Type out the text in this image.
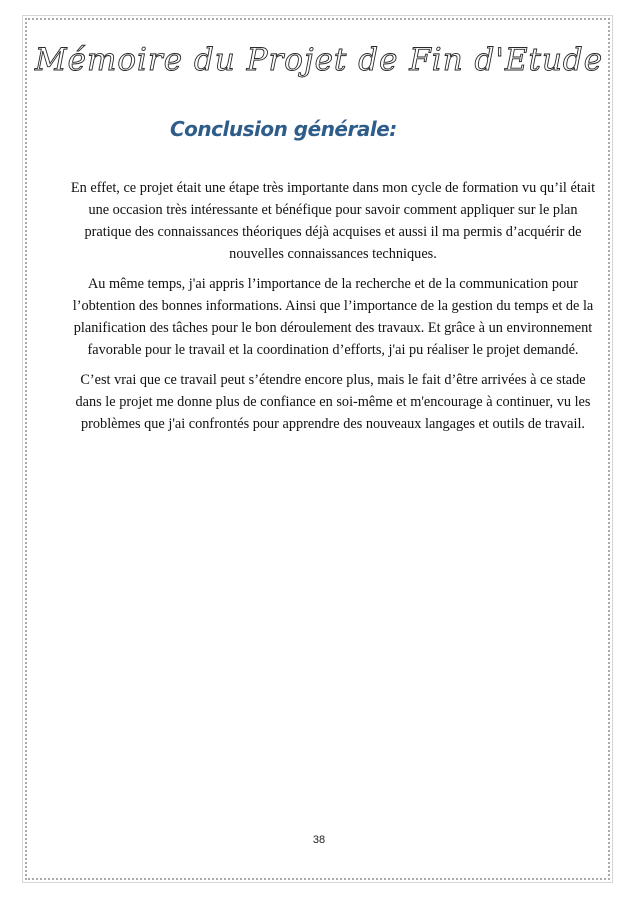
Mémoire du Projet de Fin d'Etude
Conclusion générale:

En effet, ce projet était une étape très importante dans mon cycle de formation vu qu’il était une occasion très intéressante et bénéfique pour savoir comment appliquer sur le plan pratique des connaissances théoriques déjà acquises et aussi il ma permis d’acquérir de nouvelles connaissances techniques.

Au même temps, j'ai appris l’importance de la recherche et de la communication pour l’obtention des bonnes informations. Ainsi que l’importance de la gestion du temps et de la planification des tâches pour le bon déroulement des travaux. Et grâce à un environnement favorable pour le travail et la coordination d’efforts, j'ai pu réaliser le projet demandé.

C’est vrai que ce travail peut s’étendre encore plus, mais le fait d’être arrivées à ce stade dans le projet me donne plus de confiance en soi-même et m'encourage à continuer, vu les problèmes que j'ai confrontés pour apprendre des nouveaux langages et outils de travail.

38
